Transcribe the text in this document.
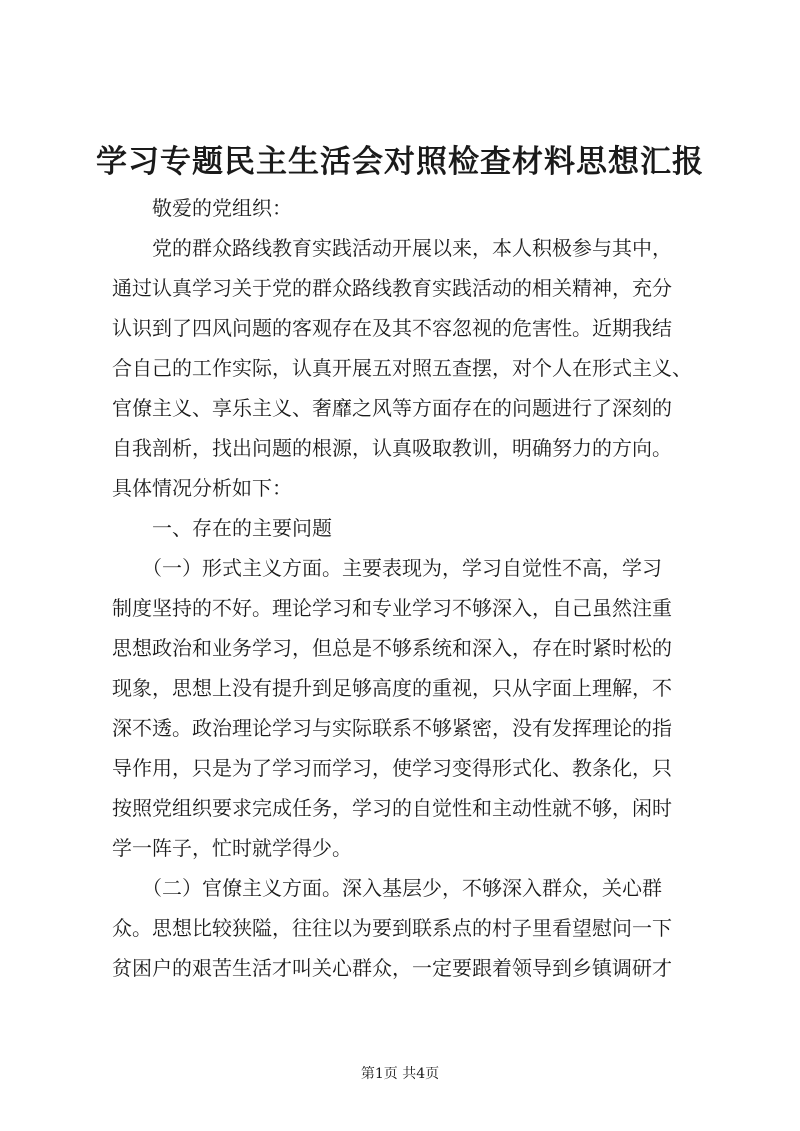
学习专题民主生活会对照检查材料思想汇报
　　敬爱的党组织：
　　党的群众路线教育实践活动开展以来，本人积极参与其中，
通过认真学习关于党的群众路线教育实践活动的相关精神，充分
认识到了四风问题的客观存在及其不容忽视的危害性。近期我结
合自己的工作实际，认真开展五对照五查摆，对个人在形式主义、
官僚主义、享乐主义、奢靡之风等方面存在的问题进行了深刻的
自我剖析，找出问题的根源，认真吸取教训，明确努力的方向。
具体情况分析如下：
　　一、存在的主要问题
　　（一）形式主义方面。主要表现为，学习自觉性不高，学习
制度坚持的不好。理论学习和专业学习不够深入，自己虽然注重
思想政治和业务学习，但总是不够系统和深入，存在时紧时松的
现象，思想上没有提升到足够高度的重视，只从字面上理解，不
深不透。政治理论学习与实际联系不够紧密，没有发挥理论的指
导作用，只是为了学习而学习，使学习变得形式化、教条化，只
按照党组织要求完成任务，学习的自觉性和主动性就不够，闲时
学一阵子，忙时就学得少。
　　（二）官僚主义方面。深入基层少，不够深入群众，关心群
众。思想比较狭隘，往往以为要到联系点的村子里看望慰问一下
贫困户的艰苦生活才叫关心群众，一定要跟着领导到乡镇调研才
第1页 共4页
